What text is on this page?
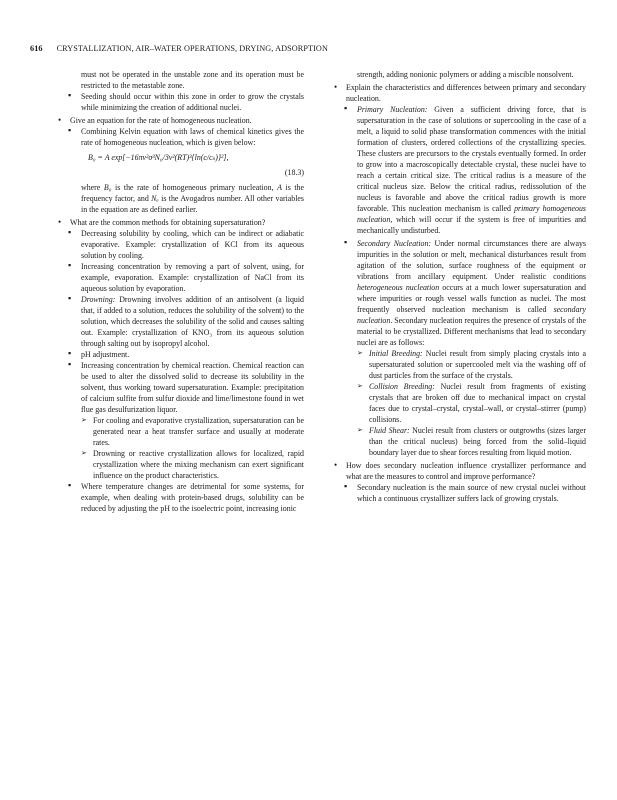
616 CRYSTALLIZATION, AIR–WATER OPERATIONS, DRYING, ADSORPTION

must not be operated in the unstable zone and its operation must be restricted to the metastable zone.

▪ Seeding should occur within this zone in order to grow the crystals while minimizing the creation of additional nuclei.

• Give an equation for the rate of homogeneous nucleation.

▪ Combining Kelvin equation with laws of chemical kinetics gives the rate of homogeneous nucleation, which is given below:

B₀ = A exp[−16πv²σ³N₀/3v²(RT)³{ln(c/cₛ)}²],
(18.3)

where B₀ is the rate of homogeneous primary nucleation, A is the frequency factor, and Nₐ is the Avogadros number. All other variables in the equation are as defined earlier.

• What are the common methods for obtaining supersaturation?

▪ Decreasing solubility by cooling, which can be indirect or adiabatic evaporative. Example: crystallization of KCl from its aqueous solution by cooling.

▪ Increasing concentration by removing a part of solvent, using, for example, evaporation. Example: crystallization of NaCl from its aqueous solution by evaporation.

▪ Drowning: Drowning involves addition of an antisolvent (a liquid that, if added to a solution, reduces the solubility of the solvent) to the solution, which decreases the solubility of the solid and causes salting out. Example: crystallization of KNO₃ from its aqueous solution through salting out by isopropyl alcohol.

▪ pH adjustment.

▪ Increasing concentration by chemical reaction. Chemical reaction can be used to alter the dissolved solid to decrease its solubility in the solvent, thus working toward supersaturation. Example: precipitation of calcium sulfite from sulfur dioxide and lime/limestone found in wet flue gas desulfurization liquor.

➢ For cooling and evaporative crystallization, supersaturation can be generated near a heat transfer surface and usually at moderate rates.

➢ Drowning or reactive crystallization allows for localized, rapid crystallization where the mixing mechanism can exert significant influence on the product characteristics.

▪ Where temperature changes are detrimental for some systems, for example, when dealing with protein-based drugs, solubility can be reduced by adjusting the pH to the isoelectric point, increasing ionic

strength, adding nonionic polymers or adding a miscible nonsolvent.

• Explain the characteristics and differences between primary and secondary nucleation.

▪ Primary Nucleation: Given a sufficient driving force, that is supersaturation in the case of solutions or supercooling in the case of a melt, a liquid to solid phase transformation commences with the initial formation of clusters, ordered collections of the crystallizing species. These clusters are precursors to the crystals eventually formed. In order to grow into a macroscopically detectable crystal, these nuclei have to reach a certain critical size. The critical radius is a measure of the critical nucleus size. Below the critical radius, redissolution of the nucleus is favorable and above the critical radius growth is more favorable. This nucleation mechanism is called primary homogeneous nucleation, which will occur if the system is free of impurities and mechanically undisturbed.

▪ Secondary Nucleation: Under normal circumstances there are always impurities in the solution or melt, mechanical disturbances result from agitation of the solution, surface roughness of the equipment or vibrations from ancillary equipment. Under realistic conditions heterogeneous nucleation occurs at a much lower supersaturation and where impurities or rough vessel walls function as nuclei. The most frequently observed nucleation mechanism is called secondary nucleation. Secondary nucleation requires the presence of crystals of the material to be crystallized. Different mechanisms that lead to secondary nuclei are as follows:

➢ Initial Breeding: Nuclei result from simply placing crystals into a supersaturated solution or supercooled melt via the washing off of dust particles from the surface of the crystals.

➢ Collision Breeding: Nuclei result from fragments of existing crystals that are broken off due to mechanical impact on crystal faces due to crystal–crystal, crystal–wall, or crystal–stirrer (pump) collisions.

➢ Fluid Shear: Nuclei result from clusters or outgrowths (sizes larger than the critical nucleus) being forced from the solid–liquid boundary layer due to shear forces resulting from liquid motion.

• How does secondary nucleation influence crystallizer performance and what are the measures to control and improve performance?

▪ Secondary nucleation is the main source of new crystal nuclei without which a continuous crystallizer suffers lack of growing crystals.
